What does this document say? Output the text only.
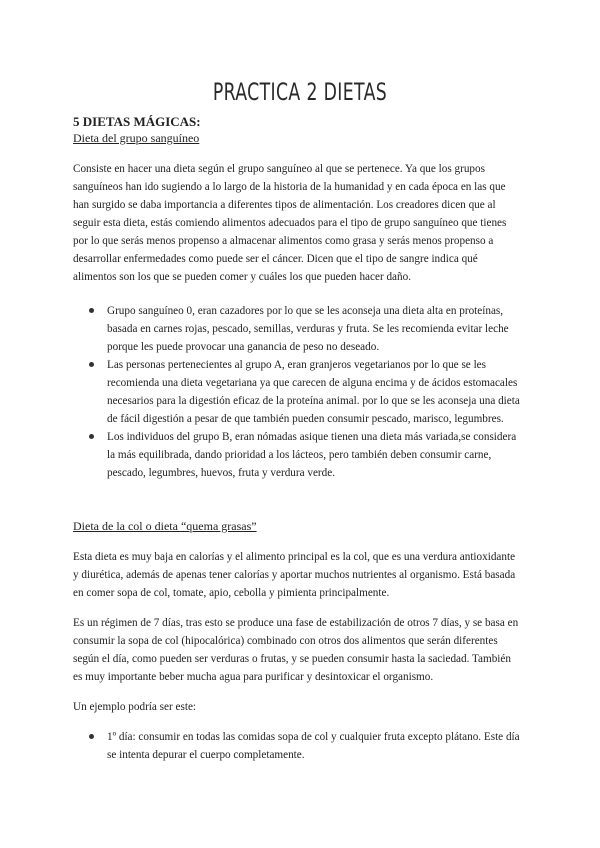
PRACTICA 2 DIETAS
5 DIETAS MÁGICAS:
Dieta del grupo sanguíneo

Consiste en hacer una dieta según el grupo sanguíneo al que se pertenece. Ya que los grupos sanguíneos han ido sugiendo a lo largo de la historia de la humanidad y en cada época en las que han surgido se daba importancia a diferentes tipos de alimentación. Los creadores dicen que al seguir esta dieta, estás comiendo alimentos adecuados para el tipo de grupo sanguíneo que tienes por lo que serás menos propenso a almacenar alimentos como grasa y serás menos propenso a desarrollar enfermedades como puede ser el cáncer. Dicen que el tipo de sangre indica qué alimentos son los que se pueden comer y cuáles los que pueden hacer daño.

Grupo sanguíneo 0, eran cazadores por lo que se les aconseja una dieta alta en proteínas, basada en carnes rojas, pescado, semillas, verduras y fruta. Se les recomienda evitar leche porque les puede provocar una ganancia de peso no deseado.
Las personas pertenecientes al grupo A, eran granjeros vegetarianos por lo que se les recomienda una dieta vegetariana ya que carecen de alguna encima y de ácidos estomacales necesarios para la digestión eficaz de la proteína animal. por lo que se les aconseja una dieta de fácil digestión a pesar de que también pueden consumir pescado, marisco, legumbres.
Los individuos del grupo B, eran nómadas asique tienen una dieta más variada,se considera la más equilibrada, dando prioridad a los lácteos, pero también deben consumir carne, pescado, legumbres, huevos, fruta y verdura verde.
Dieta de la col o dieta “quema grasas”

Esta dieta es muy baja en calorías y el alimento principal es la col, que es una verdura antioxidante y diurética, además de apenas tener calorías y aportar muchos nutrientes al organismo. Está basada en comer sopa de col, tomate, apio, cebolla y pimienta principalmente.

Es un régimen de 7 días, tras esto se produce una fase de estabilización de otros 7 días, y se basa en consumir la sopa de col (hipocalórica) combinado con otros dos alimentos que serán diferentes según el día, como pueden ser verduras o frutas, y se pueden consumir hasta la saciedad. También es muy importante beber mucha agua para purificar y desintoxicar el organismo.

Un ejemplo podría ser este:

1º día: consumir en todas las comidas sopa de col y cualquier fruta excepto plátano. Este día se intenta depurar el cuerpo completamente.
